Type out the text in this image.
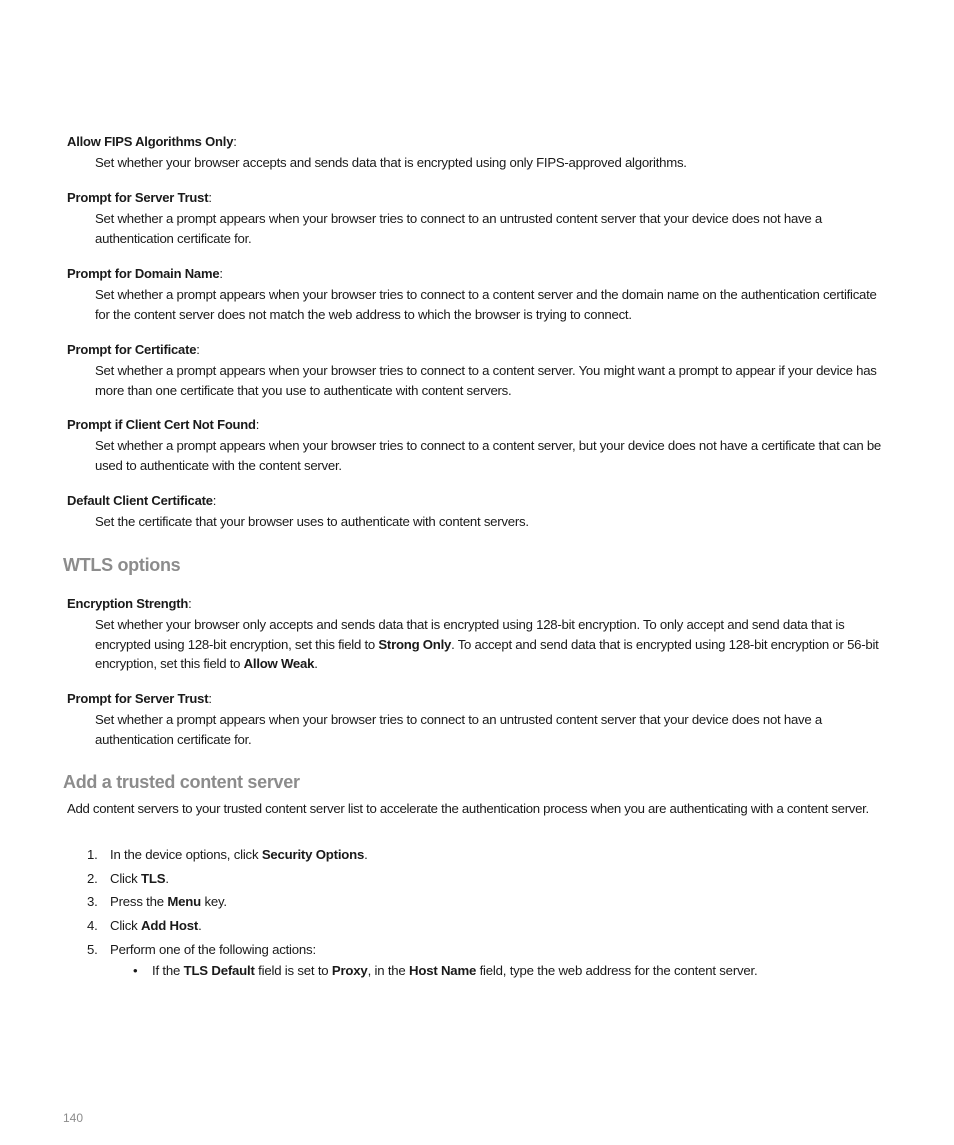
Allow FIPS Algorithms Only:
Set whether your browser accepts and sends data that is encrypted using only FIPS-approved algorithms.
Prompt for Server Trust:
Set whether a prompt appears when your browser tries to connect to an untrusted content server that your device does not have a authentication certificate for.
Prompt for Domain Name:
Set whether a prompt appears when your browser tries to connect to a content server and the domain name on the authentication certificate for the content server does not match the web address to which the browser is trying to connect.
Prompt for Certificate:
Set whether a prompt appears when your browser tries to connect to a content server. You might want a prompt to appear if your device has more than one certificate that you use to authenticate with content servers.
Prompt if Client Cert Not Found:
Set whether a prompt appears when your browser tries to connect to a content server, but your device does not have a certificate that can be used to authenticate with the content server.
Default Client Certificate:
Set the certificate that your browser uses to authenticate with content servers.
WTLS options
Encryption Strength:
Set whether your browser only accepts and sends data that is encrypted using 128-bit encryption. To only accept and send data that is encrypted using 128-bit encryption, set this field to Strong Only. To accept and send data that is encrypted using 128-bit encryption or 56-bit encryption, set this field to Allow Weak.
Prompt for Server Trust:
Set whether a prompt appears when your browser tries to connect to an untrusted content server that your device does not have a authentication certificate for.
Add a trusted content server
Add content servers to your trusted content server list to accelerate the authentication process when you are authenticating with a content server.
1. In the device options, click Security Options.
2. Click TLS.
3. Press the Menu key.
4. Click Add Host.
5. Perform one of the following actions:
• If the TLS Default field is set to Proxy, in the Host Name field, type the web address for the content server.
140
